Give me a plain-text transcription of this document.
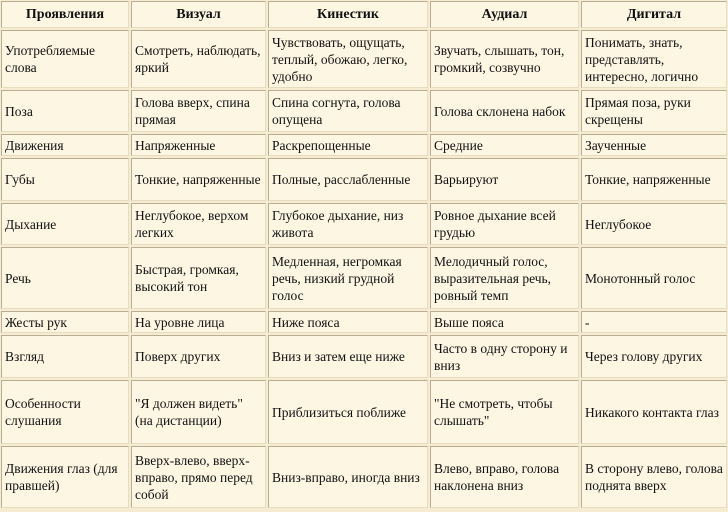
Проявления	Визуал	Кинестик	Аудиал	Дигитал
Употребляемые слова	Смотреть, наблюдать, яркий	Чувствовать, ощущать, теплый, обожаю, легко, удобно	Звучать, слышать, тон, громкий, созвучно	Понимать, знать, представлять, интересно, логично
Поза	Голова вверх, спина прямая	Спина согнута, голова опущена	Голова склонена набок	Прямая поза, руки скрещены
Движения	Напряженные	Раскрепощенные	Средние	Заученные
Губы	Тонкие, напряженные	Полные, расслабленные	Варьируют	Тонкие, напряженные
Дыхание	Неглубокое, верхом легких	Глубокое дыхание, низ живота	Ровное дыхание всей грудью	Неглубокое
Речь	Быстрая, громкая, высокий тон	Медленная, негромкая речь, низкий грудной голос	Мелодичный голос, выразительная речь, ровный темп	Монотонный голос
Жесты рук	На уровне лица	Ниже пояса	Выше пояса	-
Взгляд	Поверх других	Вниз и затем еще ниже	Часто в одну сторону и вниз	Через голову других
Особенности слушания	"Я должен видеть" (на дистанции)	Приблизиться поближе	"Не смотреть, чтобы слышать"	Никакого контакта глаз
Движения глаз (для правшей)	Вверх-влево, вверх-вправо, прямо перед собой	Вниз-вправо, иногда вниз	Влево, вправо, голова наклонена вниз	В сторону влево, голова поднята вверх
